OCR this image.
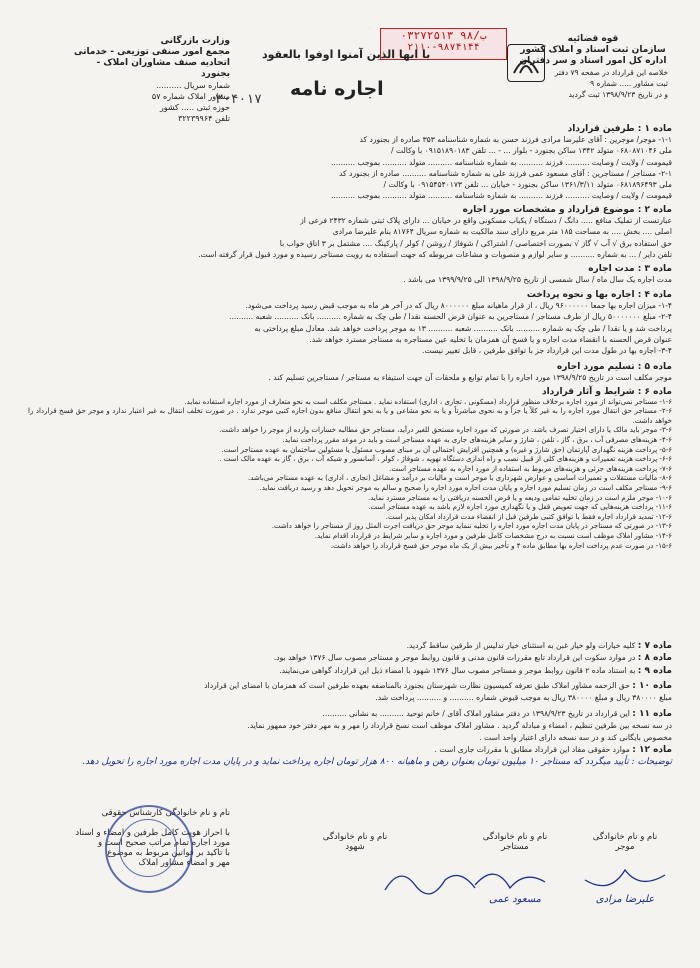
قوه قضائیه
سازمان ثبت اسناد و املاک کشور
اداره کل امور اسناد و سر دفتران
خلاصه این قرارداد در صفحه ۷۹ دفتر
ثبت مشاور ..... شماره ۹
و در تاریخ ۱۳۹۸/۹/۲۳ ثبت گردید
ب/۹۸ ۰۳۲۷۲۵۱۳
۲۱۱۰-۹۸۷۴۱۴۴
یا ایها الذین آمنوا اوفوا بالعقود
اجاره نامه
۳۰۴۰۱۷
وزارت بازرگانی
مجمع امور صنفی توزیعی - خدماتی
اتحادیه صنف مشاوران املاک - بجنورد
شماره سریال ..........
مشاور املاک شماره ۵۷
حوزه ثبتی ..... کشور
تلفن ۳۲۲۳۹۹۶۴
ماده ۱ : طرفین قرارداد
۱-۱- موجر/ موجرین : آقای علیرضا مرادی فرزند حسن به شماره شناسنامه ۳۵۳ صادره از بجنورد کد
ملی ۰۶۸۰۸۷۱۰۴۶ متولد ۱۳۴۲ ساکن بجنورد - بلوار ... - ... تلفن ۰۹۱۵۱۸۹۰۱۸۳ با وکالت /
قیمومت / ولایت / وصایت .......... فرزند .......... به شماره شناسنامه .......... متولد .......... بموجب ..........
۲-۱- مستاجر / مستاجرین : آقای مسعود عمی فرزند علی به شماره شناسنامه .......... صادره از بجنورد کد
ملی ۰۶۸۱۸۹۶۴۹۳ متولد ۱۳۶۱/۳/۱۱ ساکن بجنورد - خیابان ... تلفن ۰۹۱۵۴۵۴۰۱۷۳ با وکالت /
قیمومت / ولایت / وصایت .......... فرزند .......... به شماره شناسنامه .......... متولد .......... بموجب ..........
ماده ۲ : موضوع قرارداد و مشخصات مورد اجاره
عبارتست از تملیک منافع ..... دانگ / دستگاه / یکباب مسکونی واقع در خیابان ... دارای پلاک ثبتی شماره ۲۴۳۲ فرعی از
اصلی .... بخش .... به مساحت ۱۸۵ متر مربع دارای سند مالکیت به شماره سریال ۸۱۷۶۴ بنام علیرضا مرادی
حق استفاده برق √ آب √ گاز √ بصورت اختصاصی / اشتراکی / شوفاژ / روشن / کولر / پارکینگ .... مشتمل بر ۳ اتاق خواب با
تلفن دایر / ... به شماره .......... و سایر لوازم و منصوبات و مشاعات مربوطه که جهت استفاده به رویت مستاجر رسیده و مورد قبول قرار گرفته است.
ماده ۳ : مدت اجاره
مدت اجاره یک سال ماه / سال شمسی از تاریخ ۱۳۹۸/۹/۲۵ الی ۱۳۹۹/۹/۲۵ می باشد .
ماده ۴ : اجاره بها و نحوه پرداخت
۱-۴- میزان اجاره بها جمعا ۹۶۰۰۰۰۰۰ ریال ، از قرار ماهیانه مبلغ ۸۰۰۰۰۰۰ ریال که در آخر هر ماه به موجب قبض رسید پرداخت می‌شود.
۲-۴- مبلغ ۵۰۰۰۰۰۰۰ ریال از طرف مستاجر / مستاجرین به عنوان قرض الحسنه نقدا / طی چک به شماره .......... بانک .......... شعبه ..........
پرداخت شد و یا نقدا / طی چک به شماره .......... بانک .......... شعبه .......... ۱۳ به موجر پرداخت خواهد شد. معادل مبلغ پرداختی به
عنوان قرض الحسنه با انقضاء مدت اجاره و یا فسخ آن همزمان با تخلیه عین مستاجره به مستاجر مسترد خواهد شد.
۳-۴- اجاره بها در طول مدت این قرارداد جز با توافق طرفین ، قابل تغییر نیست.
ماده ۵ : تسلیم مورد اجاره
موجر مکلف است در تاریخ ۱۳۹۸/۹/۲۵ مورد اجاره را با تمام توابع و ملحقات آن جهت استیفاء به مستاجر / مستاجرین تسلیم کند .
ماده ۶ : شرایط و آثار قرارداد
۱-۶- مستاجر نمی‌تواند از مورد اجاره برخلاف منظور قرارداد (مسکونی ، تجاری ، اداری) استفاده نماید . مستاجر مکلف است به نحو متعارف از مورد اجاره استفاده نماید.
۲-۶- مستاجر حق انتقال مورد اجاره را به غیر کلاً یا جزاً و به نحوی مباشرتاً و یا به نحو مشاعی و یا به نحو انتقال منافع بدون اجازه کتبی موجر ندارد . در صورت تخلف انتقال به غیر اعتبار ندارد و موجر حق فسخ قرارداد را خواهد داشت.
۳-۶- موجر باید مالک یا دارای اختیار تصرف باشد. در صورتی که مورد اجاره مستحق للغیر درآید، مستاجر حق مطالبه خسارات وارده از موجر را خواهد داشت.
۴-۶- هزینه‌های مصرفی آب ، برق ، گاز ، تلفن ، شارژ و سایر هزینه‌های جاری به عهده مستاجر است و باید در موعد مقرر پرداخت نماید.
۵-۶- پرداخت هزینه نگهداری آپارتمان (حق شارژ و غیره) و همچنین افزایش احتمالی آن بر مبنای مصوب مسئول یا مسئولین ساختمان به عهده مستاجر است.
۶-۶- پرداخت هزینه تعمیرات و هزینه‌های کلی از قبیل نصب و راه اندازی دستگاه تهویه ، شوفاژ ، کولر ، آسانسور و شبکه آب ، برق ، گاز به عهده مالک است .
۷-۶- پرداخت هزینه‌های جزئی و هزینه‌های مربوط به استفاده از مورد اجاره به عهده مستاجر است.
۸-۶- مالیات مستقلات و تعمیرات اساسی و عوارض شهرداری با موجر است و مالیات بر درآمد و مشاغل (تجاری ، اداری) به عهده مستاجر می‌باشد.
۹-۶- مستاجر مکلف است در زمان تسلیم مورد اجاره و پایان مدت اجاره مورد اجاره را صحیح و سالم به موجر تحویل دهد و رسید دریافت نماید.
۱۰-۶- موجر ملزم است در زمان تخلیه تمامی ودیعه و یا قرض الحسنه دریافتی را به مستاجر مسترد نماید.
۱۱-۶- پرداخت هزینه‌هایی که جهت تعویض قفل و یا نگهداری مورد اجاره لازم باشد به عهده مستاجر است.
۱۲-۶- تمدید قرارداد اجاره فقط با توافق کتبی طرفین قبل از انقضاء مدت قرارداد امکان پذیر است.
۱۳-۶- در صورتی که مستاجر در پایان مدت اجاره مورد اجاره را تخلیه ننماید موجر حق دریافت اجرت المثل روز از مستاجر را خواهد داشت.
۱۴-۶- مشاور املاک موظف است نسبت به درج مشخصات کامل طرفین و مورد اجاره و سایر شرایط در قرارداد اقدام نماید.
۱۵-۶- در صورت عدم پرداخت اجاره بها مطابق ماده ۴ و تأخیر بیش از یک ماه موجر حق فسخ قرارداد را خواهد داشت.
ماده ۷ : کلیه خیارات ولو خیار غبن به استثنای خیار تدلیس از طرفین ساقط گردید.
ماده ۸ : در موارد سکوت این قرارداد تابع مقررات قانون مدنی و قانون روابط موجر و مستاجر مصوب سال ۱۳۷۶ خواهد بود.
ماده ۹ : به استناد ماده ۲ قانون روابط موجر و مستاجر مصوب سال ۱۳۷۶ شهود با امضاء ذیل این قرارداد گواهی می‌نمایند.
ماده ۱۰ : حق الزحمه مشاور املاک طبق تعرفه کمیسیون نظارت شهرستان بجنورد بالمناصفه بعهده طرفین است که همزمان با امضای این قرارداد
مبلغ ۳۸۰۰۰۰ ریال و مبلغ ۳۸۰۰۰۰ ریال به موجب قبوض شماره .......... و .......... پرداخت شد.
ماده ۱۱ : این قرارداد در تاریخ ۱۳۹۸/۹/۲۳ در دفتر مشاور املاک آقای / خانم توحید .......... به نشانی ..........
در سه نسخه بین طرفین تنظیم ، امضاء و مبادله گردید . مشاور املاک موظف است نسخ قرارداد را مهر و به مهر دفتر خود ممهور نماید.
مخصوص بایگانی کند و در سه نسخه دارای اعتبار واحد است .
ماده ۱۲ : موارد حقوقی مفاد این قرارداد مطابق با مقررات جاری است .
توضیحات : تأیید میگردد که مستاجر ۱۰ میلیون تومان بعنوان رهن و ماهیانه ۸۰۰ هزار تومان اجاره پرداخت نماید و در پایان مدت اجاره مورد اجاره را تحویل دهد.
نام و نام خانوادگی کارشناس حقوقی
با احراز هویت کامل طرفین و امضاء و اسناد
مورد اجاره تمام مراتب صحیح است و
با تاکید بر قوانین مربوط به موضوع
مهر و امضاء مشاور املاک
نام و نام خانوادگی
شهود
نام و نام خانوادگی
مستاجر
مسعود عمی
نام و نام خانوادگی
موجر
علیرضا مرادی
